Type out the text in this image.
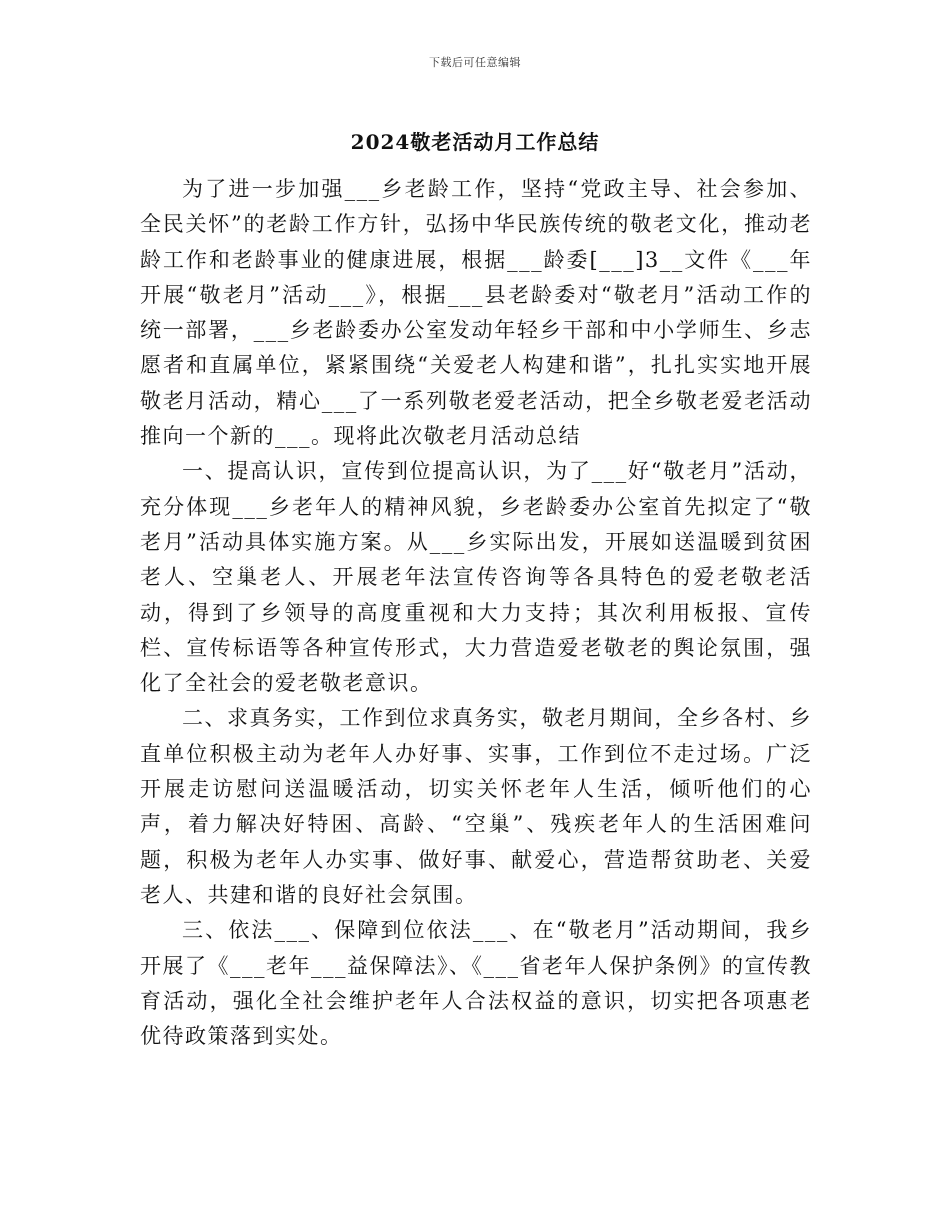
下载后可任意编辑
2024敬老活动月工作总结

为了进一步加强___乡老龄工作，坚持“党政主导、社会参加、全民关怀”的老龄工作方针，弘扬中华民族传统的敬老文化，推动老龄工作和老龄事业的健康进展，根据___龄委[___]3__文件《___年开展“敬老月”活动___》，根据___县老龄委对“敬老月”活动工作的统一部署，___乡老龄委办公室发动年轻乡干部和中小学师生、乡志愿者和直属单位，紧紧围绕“关爱老人构建和谐”，扎扎实实地开展敬老月活动，精心___了一系列敬老爱老活动，把全乡敬老爱老活动推向一个新的___。现将此次敬老月活动总结

一、提高认识，宣传到位提高认识，为了___好“敬老月”活动，充分体现___乡老年人的精神风貌，乡老龄委办公室首先拟定了“敬老月”活动具体实施方案。从___乡实际出发，开展如送温暖到贫困老人、空巢老人、开展老年法宣传咨询等各具特色的爱老敬老活动，得到了乡领导的高度重视和大力支持；其次利用板报、宣传栏、宣传标语等各种宣传形式，大力营造爱老敬老的舆论氛围，强化了全社会的爱老敬老意识。

二、求真务实，工作到位求真务实，敬老月期间，全乡各村、乡直单位积极主动为老年人办好事、实事，工作到位不走过场。广泛开展走访慰问送温暖活动，切实关怀老年人生活，倾听他们的心声，着力解决好特困、高龄、“空巢”、残疾老年人的生活困难问题，积极为老年人办实事、做好事、献爱心，营造帮贫助老、关爱老人、共建和谐的良好社会氛围。

三、依法___、保障到位依法___、在“敬老月”活动期间，我乡开展了《___老年___益保障法》、《___省老年人保护条例》的宣传教育活动，强化全社会维护老年人合法权益的意识，切实把各项惠老优待政策落到实处。
